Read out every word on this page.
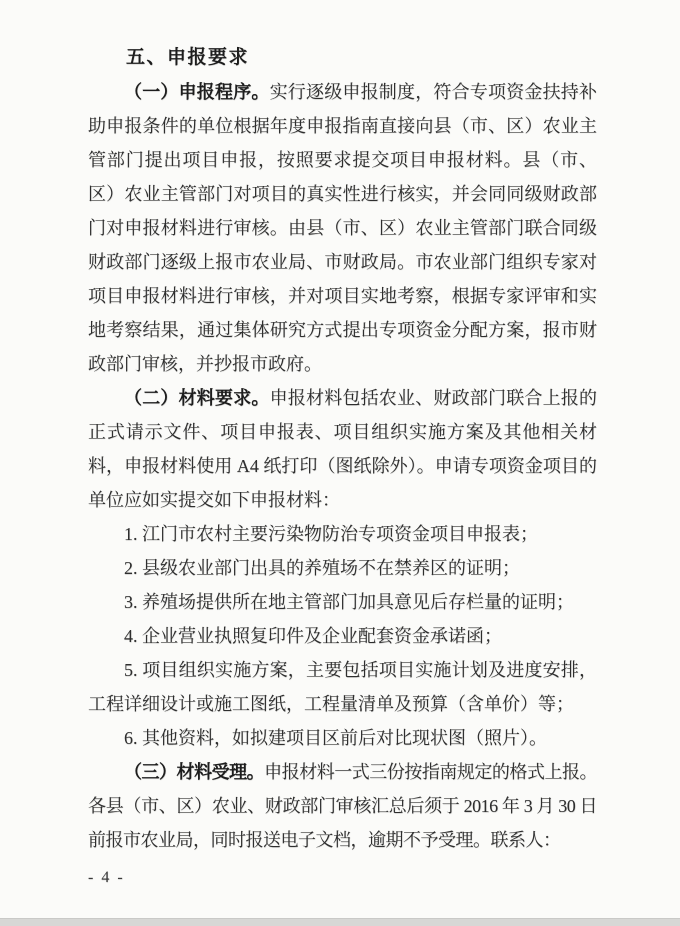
五、申报要求

（一）申报程序。实行逐级申报制度，符合专项资金扶持补助申报条件的单位根据年度申报指南直接向县（市、区）农业主管部门提出项目申报，按照要求提交项目申报材料。县（市、区）农业主管部门对项目的真实性进行核实，并会同同级财政部门对申报材料进行审核。由县（市、区）农业主管部门联合同级财政部门逐级上报市农业局、市财政局。市农业部门组织专家对项目申报材料进行审核，并对项目实地考察，根据专家评审和实地考察结果，通过集体研究方式提出专项资金分配方案，报市财政部门审核，并抄报市政府。

（二）材料要求。申报材料包括农业、财政部门联合上报的正式请示文件、项目申报表、项目组织实施方案及其他相关材料，申报材料使用 A4 纸打印（图纸除外）。申请专项资金项目的单位应如实提交如下申报材料：

1. 江门市农村主要污染物防治专项资金项目申报表；

2. 县级农业部门出具的养殖场不在禁养区的证明；

3. 养殖场提供所在地主管部门加具意见后存栏量的证明；

4. 企业营业执照复印件及企业配套资金承诺函；

5. 项目组织实施方案，主要包括项目实施计划及进度安排，工程详细设计或施工图纸，工程量清单及预算（含单价）等；

6. 其他资料，如拟建项目区前后对比现状图（照片）。

（三）材料受理。申报材料一式三份按指南规定的格式上报。各县（市、区）农业、财政部门审核汇总后须于 2016 年 3 月 30 日前报市农业局，同时报送电子文档，逾期不予受理。联系人：

- 4 -
